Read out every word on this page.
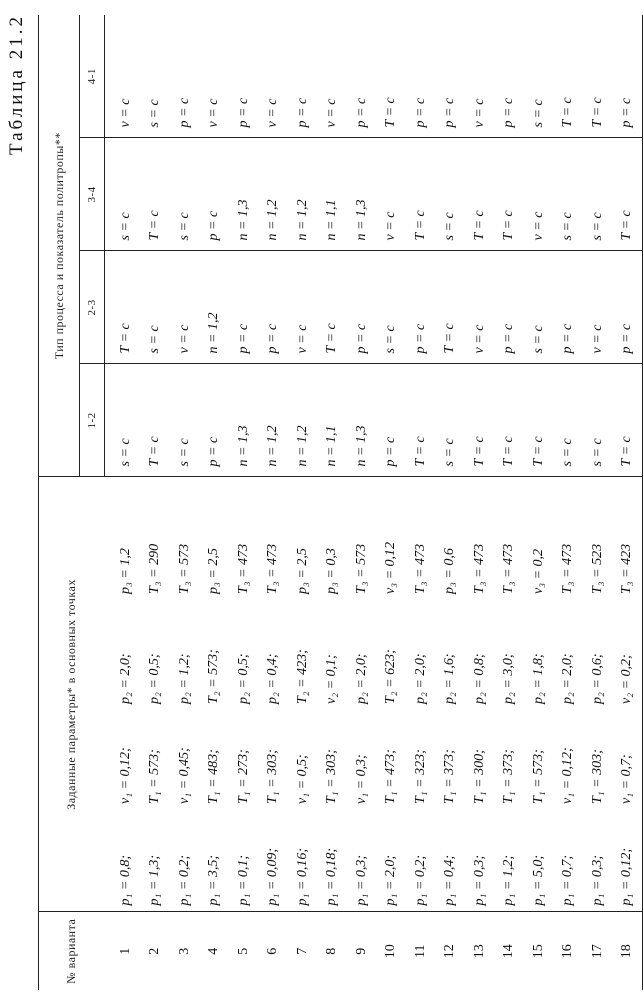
Таблица 21.2
№ варианта	Заданные параметры* в основных точках				Тип процесса и показатель политропы**			
					1-2	2-3	3-4	4-1
1	p₁ = 0,8;	v₁ = 0,12;	p₂ = 2,0;	p₃ = 1,2	s = c	T = c	s = c	v = c
2	p₁ = 1,3;	T₁ = 573;	p₂ = 0,5;	T₃ = 290	T = c	s = c	T = c	s = c
3	p₁ = 0,2;	v₁ = 0,45;	p₂ = 1,2;	T₃ = 573	s = c	v = c	s = c	p = c
4	p₁ = 3,5;	T₁ = 483;	T₂ = 573;	p₃ = 2,5	p = c	n = 1,2	p = c	v = c
5	p₁ = 0,1;	T₁ = 273;	p₂ = 0,5;	T₃ = 473	n = 1,3	p = c	n = 1,3	p = c
6	p₁ = 0,09;	T₁ = 303;	p₂ = 0,4;	T₃ = 473	n = 1,2	p = c	n = 1,2	v = c
7	p₁ = 0,16;	v₁ = 0,5;	T₂ = 423;	p₃ = 2,5	n = 1,2	v = c	n = 1,2	p = c
8	p₁ = 0,18;	T₁ = 303;	v₂ = 0,1;	p₃ = 0,3	n = 1,1	T = c	n = 1,1	v = c
9	p₁ = 0,3;	v₁ = 0,3;	p₂ = 2,0;	T₃ = 573	n = 1,3	p = c	n = 1,3	p = c
10	p₁ = 2,0;	T₁ = 473;	T₂ = 623;	v₃ = 0,12	p = c	s = c	v = c	T = c
11	p₁ = 0,2;	T₁ = 323;	p₂ = 2,0;	T₃ = 473	T = c	p = c	T = c	p = c
12	p₁ = 0,4;	T₁ = 373;	p₂ = 1,6;	p₃ = 0,6	s = c	T = c	s = c	p = c
13	p₁ = 0,3;	T₁ = 300;	p₂ = 0,8;	T₃ = 473	T = c	v = c	T = c	v = c
14	p₁ = 1,2;	T₁ = 373;	p₂ = 3,0;	T₃ = 473	T = c	p = c	T = c	p = c
15	p₁ = 5,0;	T₁ = 573;	p₂ = 1,8;	v₃ = 0,2	T = c	s = c	v = c	s = c
16	p₁ = 0,7;	v₁ = 0,12;	p₂ = 2,0;	T₃ = 473	s = c	p = c	s = c	T = c
17	p₁ = 0,3;	T₁ = 303;	p₂ = 0,6;	T₃ = 523	s = c	v = c	s = c	T = c
18	p₁ = 0,12;	v₁ = 0,7;	v₂ = 0,2;	T₃ = 423	T = c	p = c	T = c	p = c
